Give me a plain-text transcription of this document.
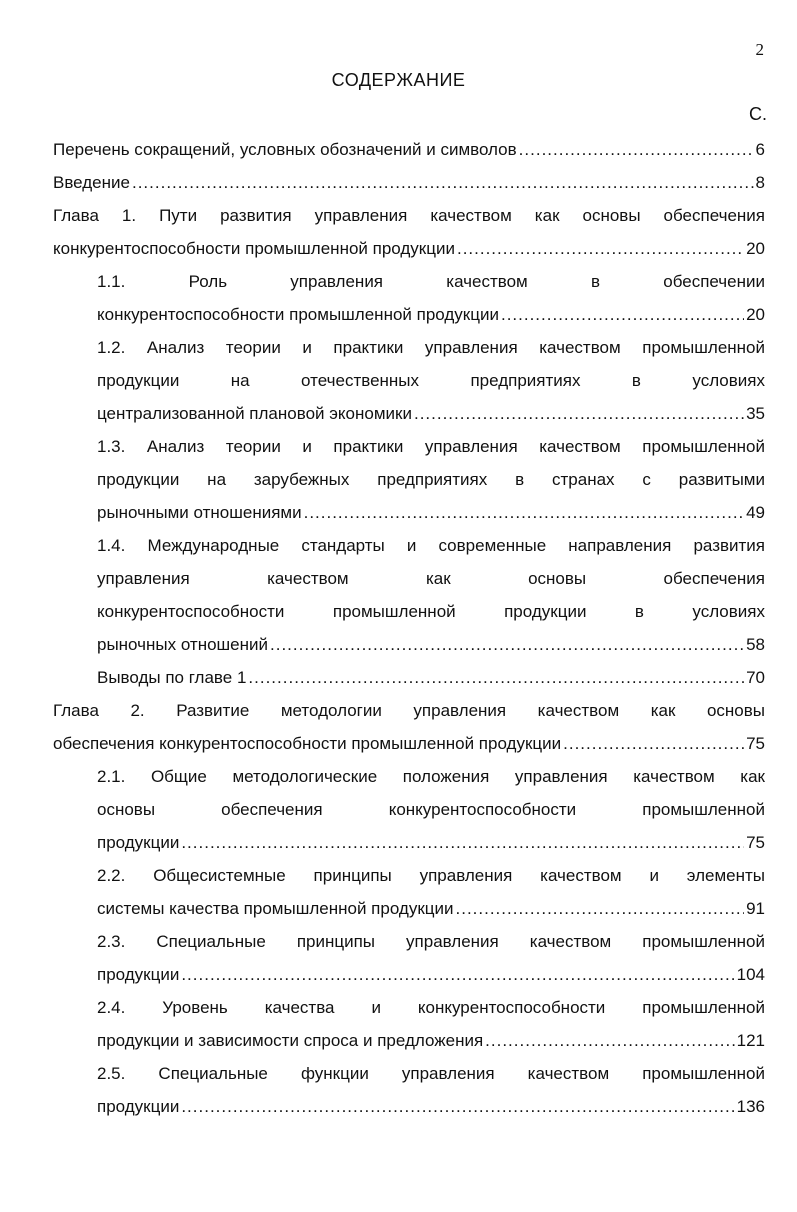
2
СОДЕРЖАНИЕ
С.
Перечень сокращений, условных обозначений и символов .....	6
Введение .....	8
Глава 1. Пути развития управления качеством как основы обеспечения
конкурентоспособности промышленной продукции .....	20
1.1. Роль управления качеством в обеспечении
конкурентоспособности промышленной продукции .....	20
1.2. Анализ теории и практики управления качеством промышленной
продукции на отечественных предприятиях в условиях
централизованной плановой экономики .....	35
1.3. Анализ теории и практики управления качеством промышленной
продукции на зарубежных предприятиях в странах с развитыми
рыночными отношениями .....	49
1.4. Международные стандарты и современные направления развития
управления качеством как основы обеспечения
конкурентоспособности промышленной продукции в условиях
рыночных отношений .....	58
Выводы по главе 1 .....	70
Глава 2. Развитие методологии управления качеством как основы
обеспечения конкурентоспособности промышленной продукции .....	75
2.1. Общие методологические положения управления качеством как
основы обеспечения конкурентоспособности промышленной
продукции .....	75
2.2. Общесистемные принципы управления качеством и элементы
системы качества промышленной продукции .....	91
2.3. Специальные принципы управления качеством промышленной
продукции .....	104
2.4. Уровень качества и конкурентоспособности промышленной
продукции и зависимости спроса и предложения .....	121
2.5. Специальные функции управления качеством промышленной
продукции .....	136
